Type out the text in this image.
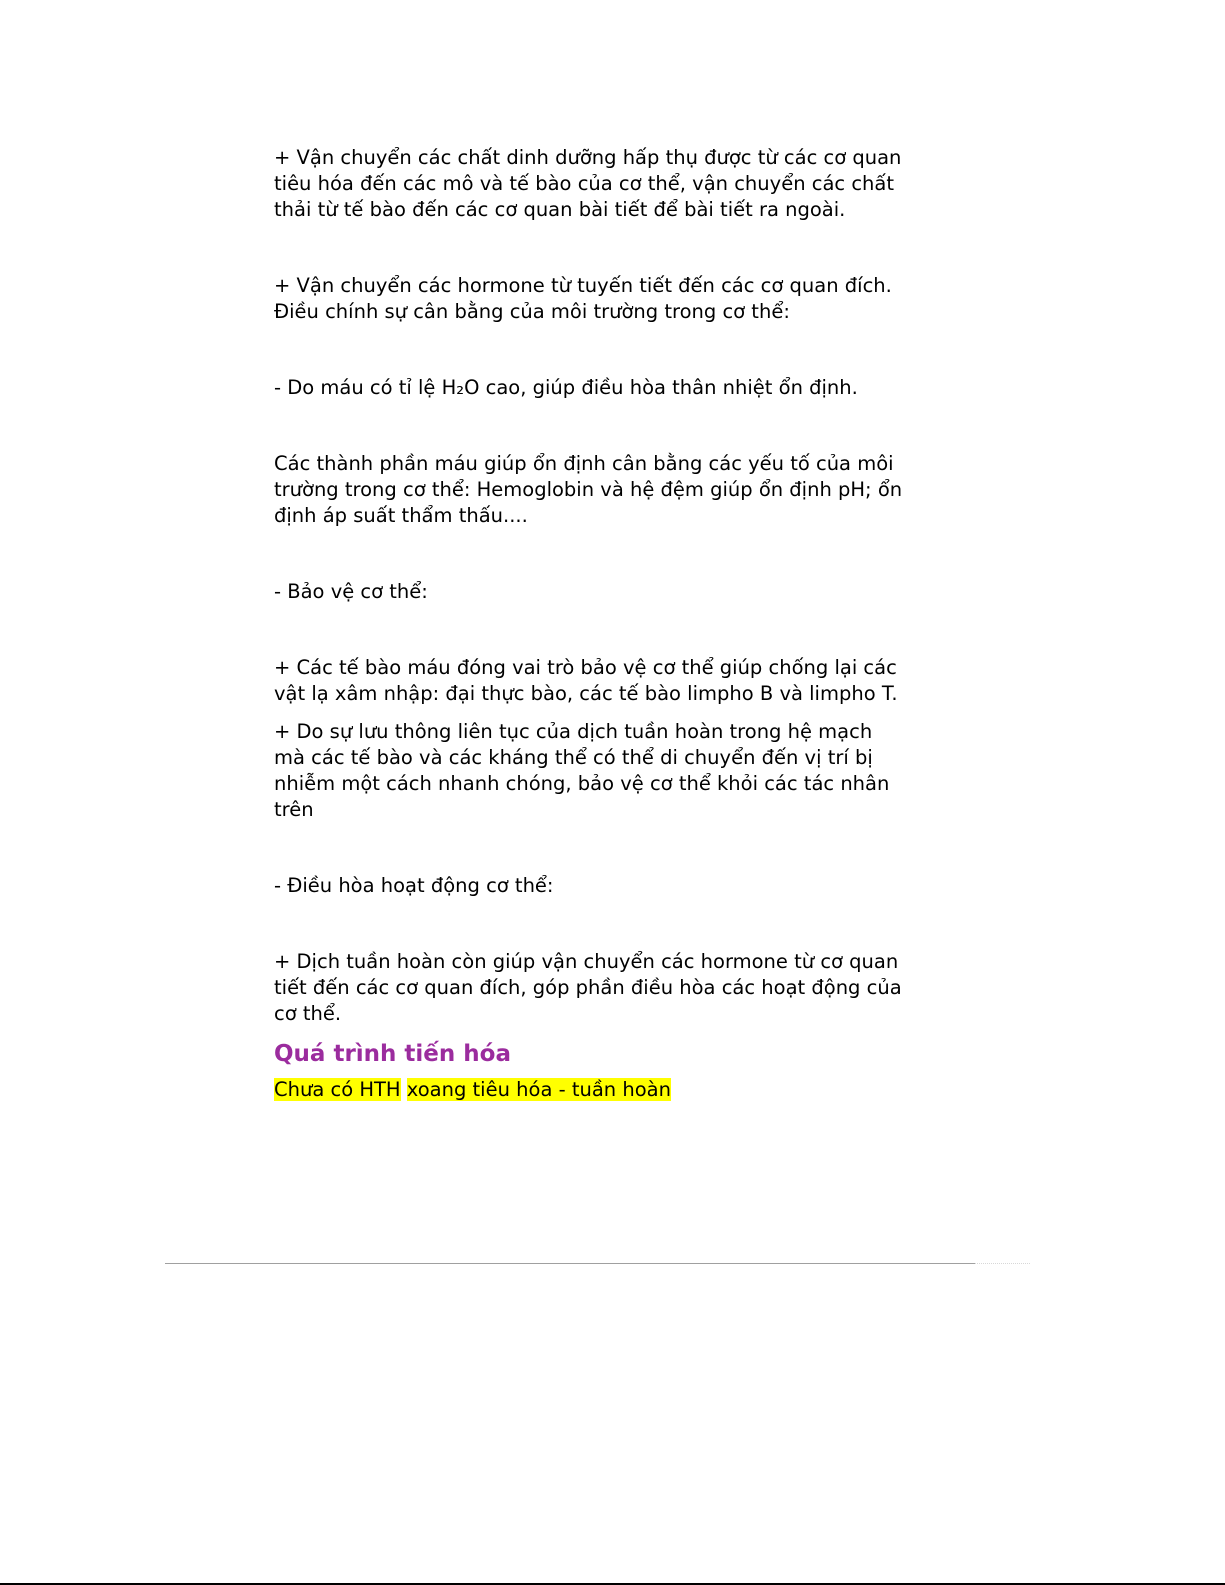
+ Vận chuyển các chất dinh dưỡng hấp thụ được từ các cơ quan
tiêu hóa đến các mô và tế bào của cơ thể, vận chuyển các chất
thải từ tế bào đến các cơ quan bài tiết để bài tiết ra ngoài.

+ Vận chuyển các hormone từ tuyến tiết đến các cơ quan đích.
Điều chính sự cân bằng của môi trường trong cơ thể:

- Do máu có tỉ lệ H₂O cao, giúp điều hòa thân nhiệt ổn định.

Các thành phần máu giúp ổn định cân bằng các yếu tố của môi
trường trong cơ thể: Hemoglobin và hệ đệm giúp ổn định pH; ổn
định áp suất thẩm thấu....

- Bảo vệ cơ thể:

+ Các tế bào máu đóng vai trò bảo vệ cơ thể giúp chống lại các
vật lạ xâm nhập: đại thực bào, các tế bào limpho B và limpho T.

+ Do sự lưu thông liên tục của dịch tuần hoàn trong hệ mạch
mà các tế bào và các kháng thể có thể di chuyển đến vị trí bị
nhiễm một cách nhanh chóng, bảo vệ cơ thể khỏi các tác nhân
trên

- Điều hòa hoạt động cơ thể:

+ Dịch tuần hoàn còn giúp vận chuyển các hormone từ cơ quan
tiết đến các cơ quan đích, góp phần điều hòa các hoạt động của
cơ thể.

Quá trình tiến hóa
Chưa có HTH xoang tiêu hóa - tuần hoàn
